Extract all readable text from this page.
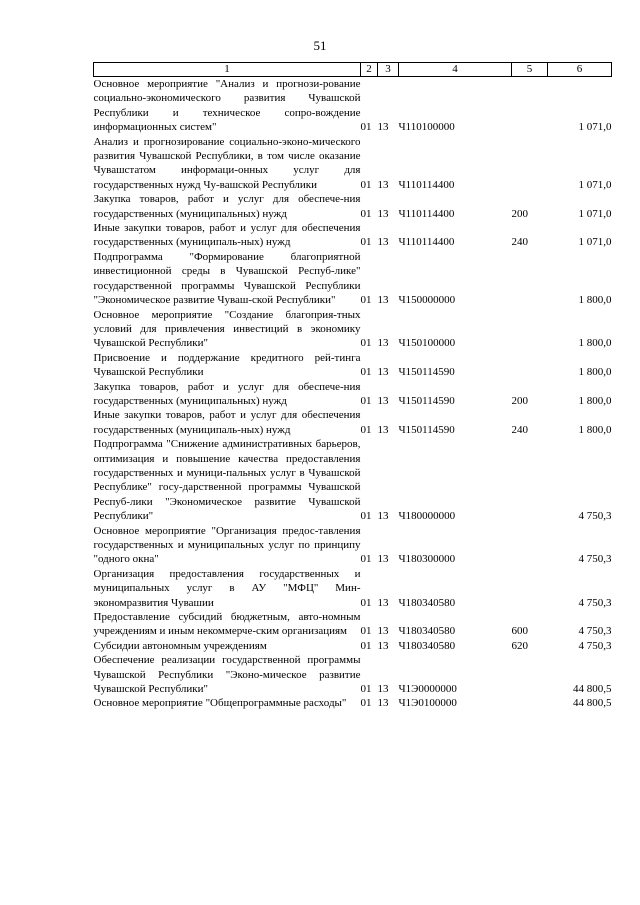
51
1	2	3	4	5	6
Основное мероприятие "Анализ и прогнози-рование социально-экономического развития Чувашской Республики и техническое сопро-вождение информационных систем"	01	13	Ч110100000		1 071,0
Анализ и прогнозирование социально-эконо-мического развития Чувашской Республики, в том числе оказание Чувашстатом информаци-онных услуг для государственных нужд Чу-вашской Республики	01	13	Ч110114400		1 071,0
Закупка товаров, работ и услуг для обеспече-ния государственных (муниципальных) нужд	01	13	Ч110114400	200	1 071,0
Иные закупки товаров, работ и услуг для обеспечения государственных (муниципаль-ных) нужд	01	13	Ч110114400	240	1 071,0
Подпрограмма "Формирование благоприятной инвестиционной среды в Чувашской Респуб-лике" государственной программы Чувашской Республики "Экономическое развитие Чуваш-ской Республики"	01	13	Ч150000000		1 800,0
Основное мероприятие "Создание благоприя-тных условий для привлечения инвестиций в экономику Чувашской Республики"	01	13	Ч150100000		1 800,0
Присвоение и поддержание кредитного рей-тинга Чувашской Республики	01	13	Ч150114590		1 800,0
Закупка товаров, работ и услуг для обеспече-ния государственных (муниципальных) нужд	01	13	Ч150114590	200	1 800,0
Иные закупки товаров, работ и услуг для обеспечения государственных (муниципаль-ных) нужд	01	13	Ч150114590	240	1 800,0
Подпрограмма "Снижение административных барьеров, оптимизация и повышение качества предоставления государственных и муници-пальных услуг в Чувашской Республике" госу-дарственной программы Чувашской Респуб-лики "Экономическое развитие Чувашской Республики"	01	13	Ч180000000		4 750,3
Основное мероприятие "Организация предос-тавления государственных и муниципальных услуг по принципу "одного окна"	01	13	Ч180300000		4 750,3
Организация предоставления государственных и муниципальных услуг в АУ "МФЦ" Мин-экономразвития Чувашии	01	13	Ч180340580		4 750,3
Предоставление субсидий бюджетным, авто-номным учреждениям и иным некоммерче-ским организациям	01	13	Ч180340580	600	4 750,3
Субсидии автономным учреждениям	01	13	Ч180340580	620	4 750,3
Обеспечение реализации государственной программы Чувашской Республики "Эконо-мическое развитие Чувашской Республики"	01	13	Ч1Э0000000		44 800,5
Основное мероприятие "Общепрограммные расходы"	01	13	Ч1Э0100000		44 800,5
